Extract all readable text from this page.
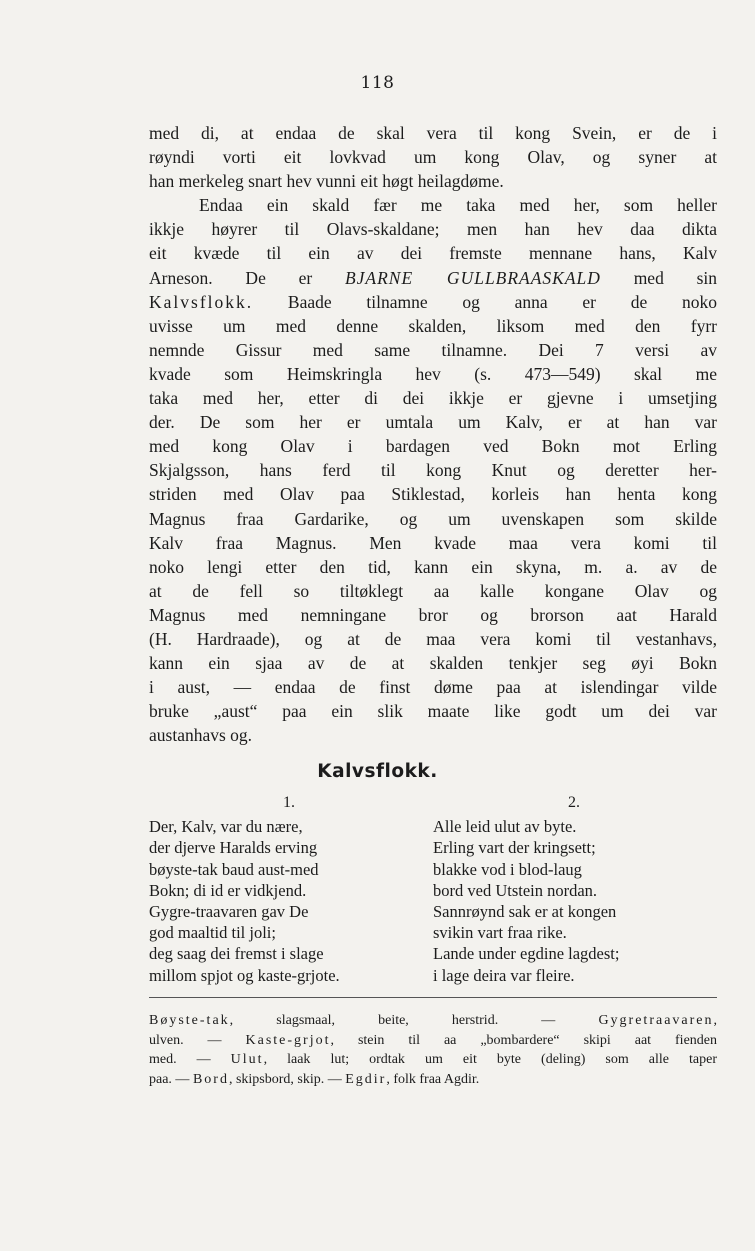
118
med di, at endaa de skal vera til kong Svein, er de i
røyndi vorti eit lovkvad um kong Olav, og syner at
han merkeleg snart hev vunni eit høgt heilagdøme.
Endaa ein skald fær me taka med her, som heller
ikkje høyrer til Olavs-skaldane; men han hev daa dikta
eit kvæde til ein av dei fremste mennane hans, Kalv
Arneson. De er BJARNE GULLBRAASKALD med sin
Kalvsflokk. Baade tilnamne og anna er de noko
uvisse um med denne skalden, liksom med den fyrr
nemnde Gissur med same tilnamne. Dei 7 versi av
kvade som Heimskringla hev (s. 473—549) skal me
taka med her, etter di dei ikkje er gjevne i umsetjing
der. De som her er umtala um Kalv, er at han var
med kong Olav i bardagen ved Bokn mot Erling
Skjalgsson, hans ferd til kong Knut og deretter her-
striden med Olav paa Stiklestad, korleis han henta kong
Magnus fraa Gardarike, og um uvenskapen som skilde
Kalv fraa Magnus. Men kvade maa vera komi til
noko lengi etter den tid, kann ein skyna, m. a. av de
at de fell so tiltøklegt aa kalle kongane Olav og
Magnus med nemningane bror og brorson aat Harald
(H. Hardraade), og at de maa vera komi til vestanhavs,
kann ein sjaa av de at skalden tenkjer seg øyi Bokn
i aust, — endaa de finst døme paa at islendingar vilde
bruke „aust“ paa ein slik maate like godt um dei var
austanhavs og.
Kalvsflokk.
1.
Der, Kalv, var du nære,
der djerve Haralds erving
bøyste-tak baud aust-med
Bokn; di id er vidkjend.
Gygre-traavaren gav De
god maaltid til joli;
deg saag dei fremst i slage
millom spjot og kaste-grjote.
2.
Alle leid ulut av byte.
Erling vart der kringsett;
blakke vod i blod-laug
bord ved Utstein nordan.
Sannrøynd sak er at kongen
svikin vart fraa rike.
Lande under egdine lagdest;
i lage deira var fleire.
Bøyste-tak, slagsmaal, beite, herstrid. — Gygretraavaren,
ulven. — Kaste-grjot, stein til aa „bombardere“ skipi aat fienden
med. — Ulut, laak lut; ordtak um eit byte (deling) som alle taper
paa. — Bord, skipsbord, skip. — Egdir, folk fraa Agdir.
